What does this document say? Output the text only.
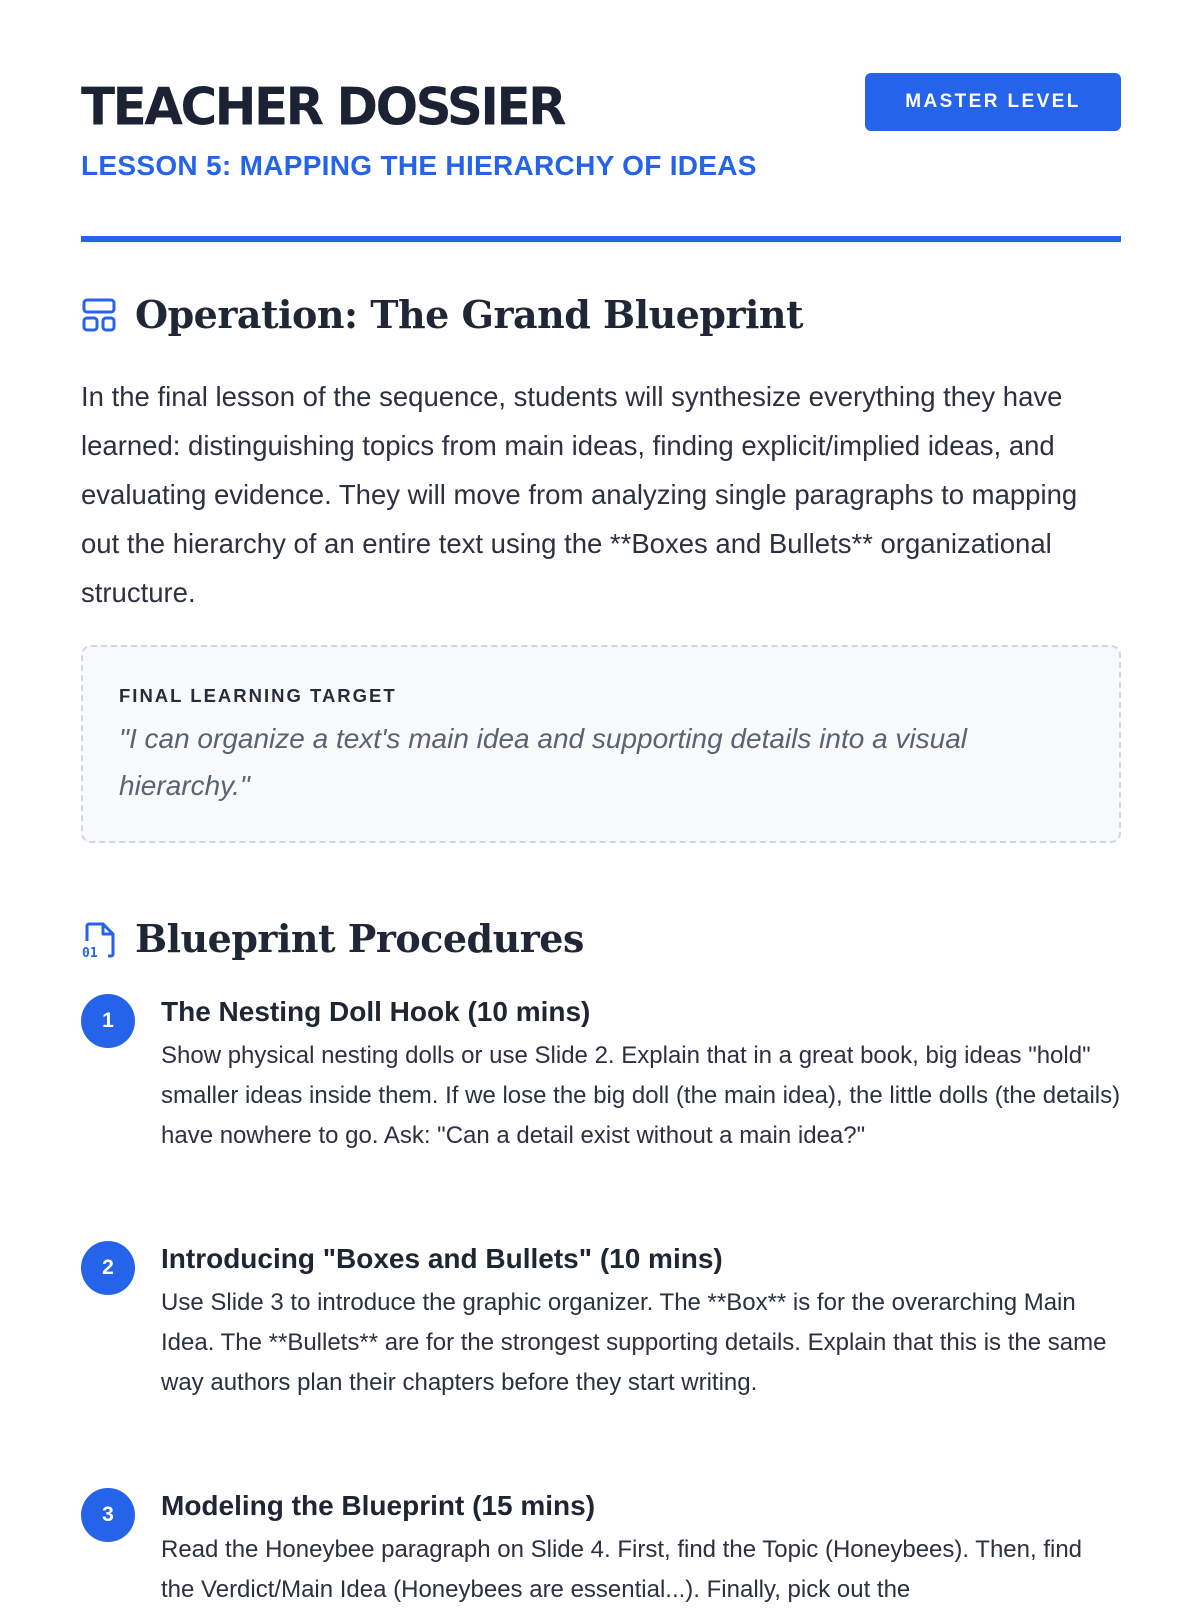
TEACHER DOSSIER
LESSON 5: MAPPING THE HIERARCHY OF IDEAS
MASTER LEVEL
Operation: The Grand Blueprint

In the final lesson of the sequence, students will synthesize everything they have learned: distinguishing topics from main ideas, finding explicit/implied ideas, and evaluating evidence. They will move from analyzing single paragraphs to mapping out the hierarchy of an entire text using the **Boxes and Bullets** organizational structure.

FINAL LEARNING TARGET
"I can organize a text's main idea and supporting details into a visual hierarchy."
01 Blueprint Procedures
1	The Nesting Doll Hook (10 mins)

Show physical nesting dolls or use Slide 2. Explain that in a great book, big ideas "hold" smaller ideas inside them. If we lose the big doll (the main idea), the little dolls (the details) have nowhere to go. Ask: "Can a detail exist without a main idea?"

2	Introducing "Boxes and Bullets" (10 mins)

Use Slide 3 to introduce the graphic organizer. The **Box** is for the overarching Main Idea. The **Bullets** are for the strongest supporting details. Explain that this is the same way authors plan their chapters before they start writing.

3	Modeling the Blueprint (15 mins)

Read the Honeybee paragraph on Slide 4. First, find the Topic (Honeybees). Then, find the Verdict/Main Idea (Honeybees are essential...). Finally, pick out the
